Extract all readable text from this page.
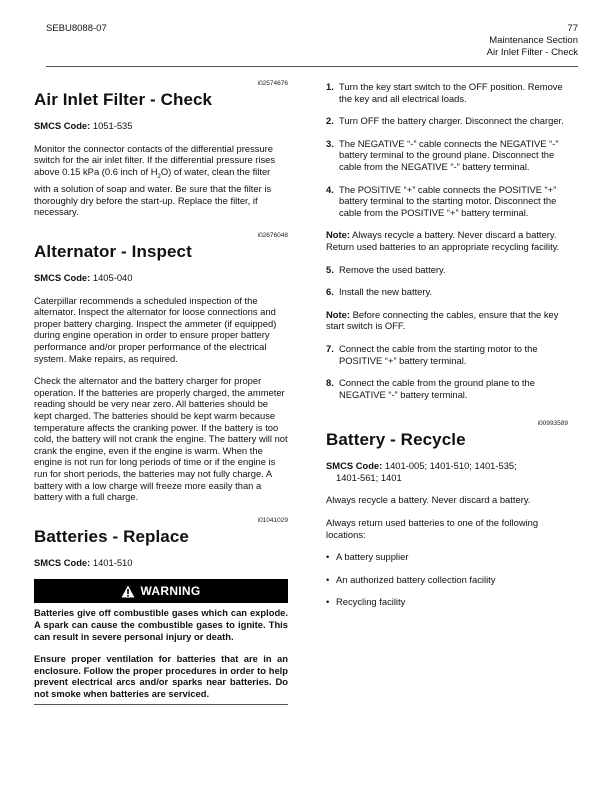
SEBU8088-07	77
Maintenance Section
Air Inlet Filter - Check
i02574676
Air Inlet Filter - Check

SMCS Code: 1051-535

Monitor the connector contacts of the differential pressure switch for the air inlet filter. If the differential pressure rises above 0.15 kPa (0.6 inch of $H_2O$) of water, clean the filter with a solution of soap and water. Be sure that the filter is thoroughly dry before the start-up. Replace the filter, if necessary.

i02676048
Alternator - Inspect

SMCS Code: 1405-040

Caterpillar recommends a scheduled inspection of the alternator. Inspect the alternator for loose connections and proper battery charging. Inspect the ammeter (if equipped) during engine operation in order to ensure proper battery performance and/or proper performance of the electrical system. Make repairs, as required.

Check the alternator and the battery charger for proper operation. If the batteries are properly charged, the ammeter reading should be very near zero. All batteries should be kept charged. The batteries should be kept warm because temperature affects the cranking power. If the battery is too cold, the battery will not crank the engine. The battery will not crank the engine, even if the engine is warm. When the engine is not run for long periods of time or if the engine is run for short periods, the batteries may not fully charge. A battery with a low charge will freeze more easily than a battery with a full charge.

i01041029
Batteries - Replace

SMCS Code: 1401-510

WARNING

Batteries give off combustible gases which can explode. A spark can cause the combustible gases to ignite. This can result in severe personal injury or death.

Ensure proper ventilation for batteries that are in an enclosure. Follow the proper procedures in order to help prevent electrical arcs and/or sparks near batteries. Do not smoke when batteries are serviced.

1. Turn the key start switch to the OFF position. Remove the key and all electrical loads.
2. Turn OFF the battery charger. Disconnect the charger.
3. The NEGATIVE “-” cable connects the NEGATIVE “-” battery terminal to the ground plane. Disconnect the cable from the NEGATIVE “-” battery terminal.
4. The POSITIVE “+” cable connects the POSITIVE “+” battery terminal to the starting motor. Disconnect the cable from the POSITIVE “+” battery terminal.

Note: Always recycle a battery. Never discard a battery. Return used batteries to an appropriate recycling facility.

5. Remove the used battery.
6. Install the new battery.

Note: Before connecting the cables, ensure that the key start switch is OFF.

7. Connect the cable from the starting motor to the POSITIVE “+” battery terminal.
8. Connect the cable from the ground plane to the NEGATIVE “-” battery terminal.
i00993589
Battery - Recycle

SMCS Code: 1401-005; 1401-510; 1401-535;
1401-561; 1401

Always recycle a battery. Never discard a battery.

Always return used batteries to one of the following locations:

• A battery supplier
• An authorized battery collection facility
• Recycling facility
